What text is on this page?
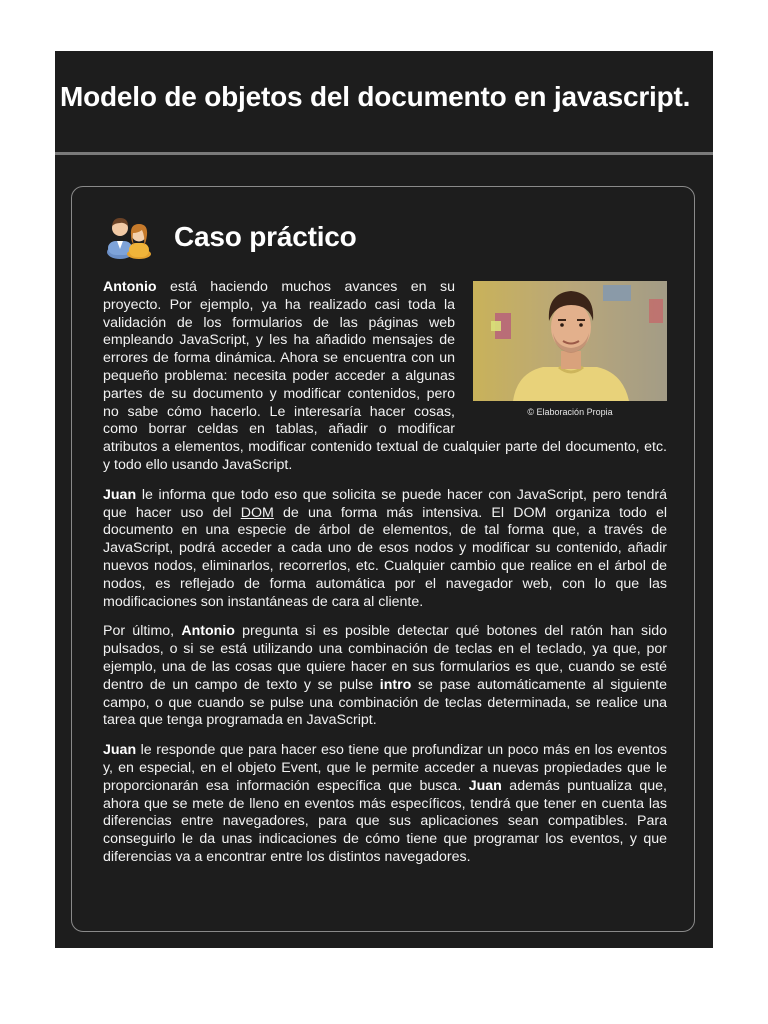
Modelo de objetos del documento en javascript.
Caso práctico
© Elaboración Propia

Antonio está haciendo muchos avances en su proyecto. Por ejemplo, ya ha realizado casi toda la validación de los formularios de las páginas web empleando JavaScript, y les ha añadido mensajes de errores de forma dinámica. Ahora se encuentra con un pequeño problema: necesita poder acceder a algunas partes de su documento y modificar contenidos, pero no sabe cómo hacerlo. Le interesaría hacer cosas, como borrar celdas en tablas, añadir o modificar atributos a elementos, modificar contenido textual de cualquier parte del documento, etc. y todo ello usando JavaScript.

Juan le informa que todo eso que solicita se puede hacer con JavaScript, pero tendrá que hacer uso del DOM de una forma más intensiva. El DOM organiza todo el documento en una especie de árbol de elementos, de tal forma que, a través de JavaScript, podrá acceder a cada uno de esos nodos y modificar su contenido, añadir nuevos nodos, eliminarlos, recorrerlos, etc. Cualquier cambio que realice en el árbol de nodos, es reflejado de forma automática por el navegador web, con lo que las modificaciones son instantáneas de cara al cliente.

Por último, Antonio pregunta si es posible detectar qué botones del ratón han sido pulsados, o si se está utilizando una combinación de teclas en el teclado, ya que, por ejemplo, una de las cosas que quiere hacer en sus formularios es que, cuando se esté dentro de un campo de texto y se pulse intro se pase automáticamente al siguiente campo, o que cuando se pulse una combinación de teclas determinada, se realice una tarea que tenga programada en JavaScript.

Juan le responde que para hacer eso tiene que profundizar un poco más en los eventos y, en especial, en el objeto Event, que le permite acceder a nuevas propiedades que le proporcionarán esa información específica que busca. Juan además puntualiza que, ahora que se mete de lleno en eventos más específicos, tendrá que tener en cuenta las diferencias entre navegadores, para que sus aplicaciones sean compatibles. Para conseguirlo le da unas indicaciones de cómo tiene que programar los eventos, y que diferencias va a encontrar entre los distintos navegadores.
